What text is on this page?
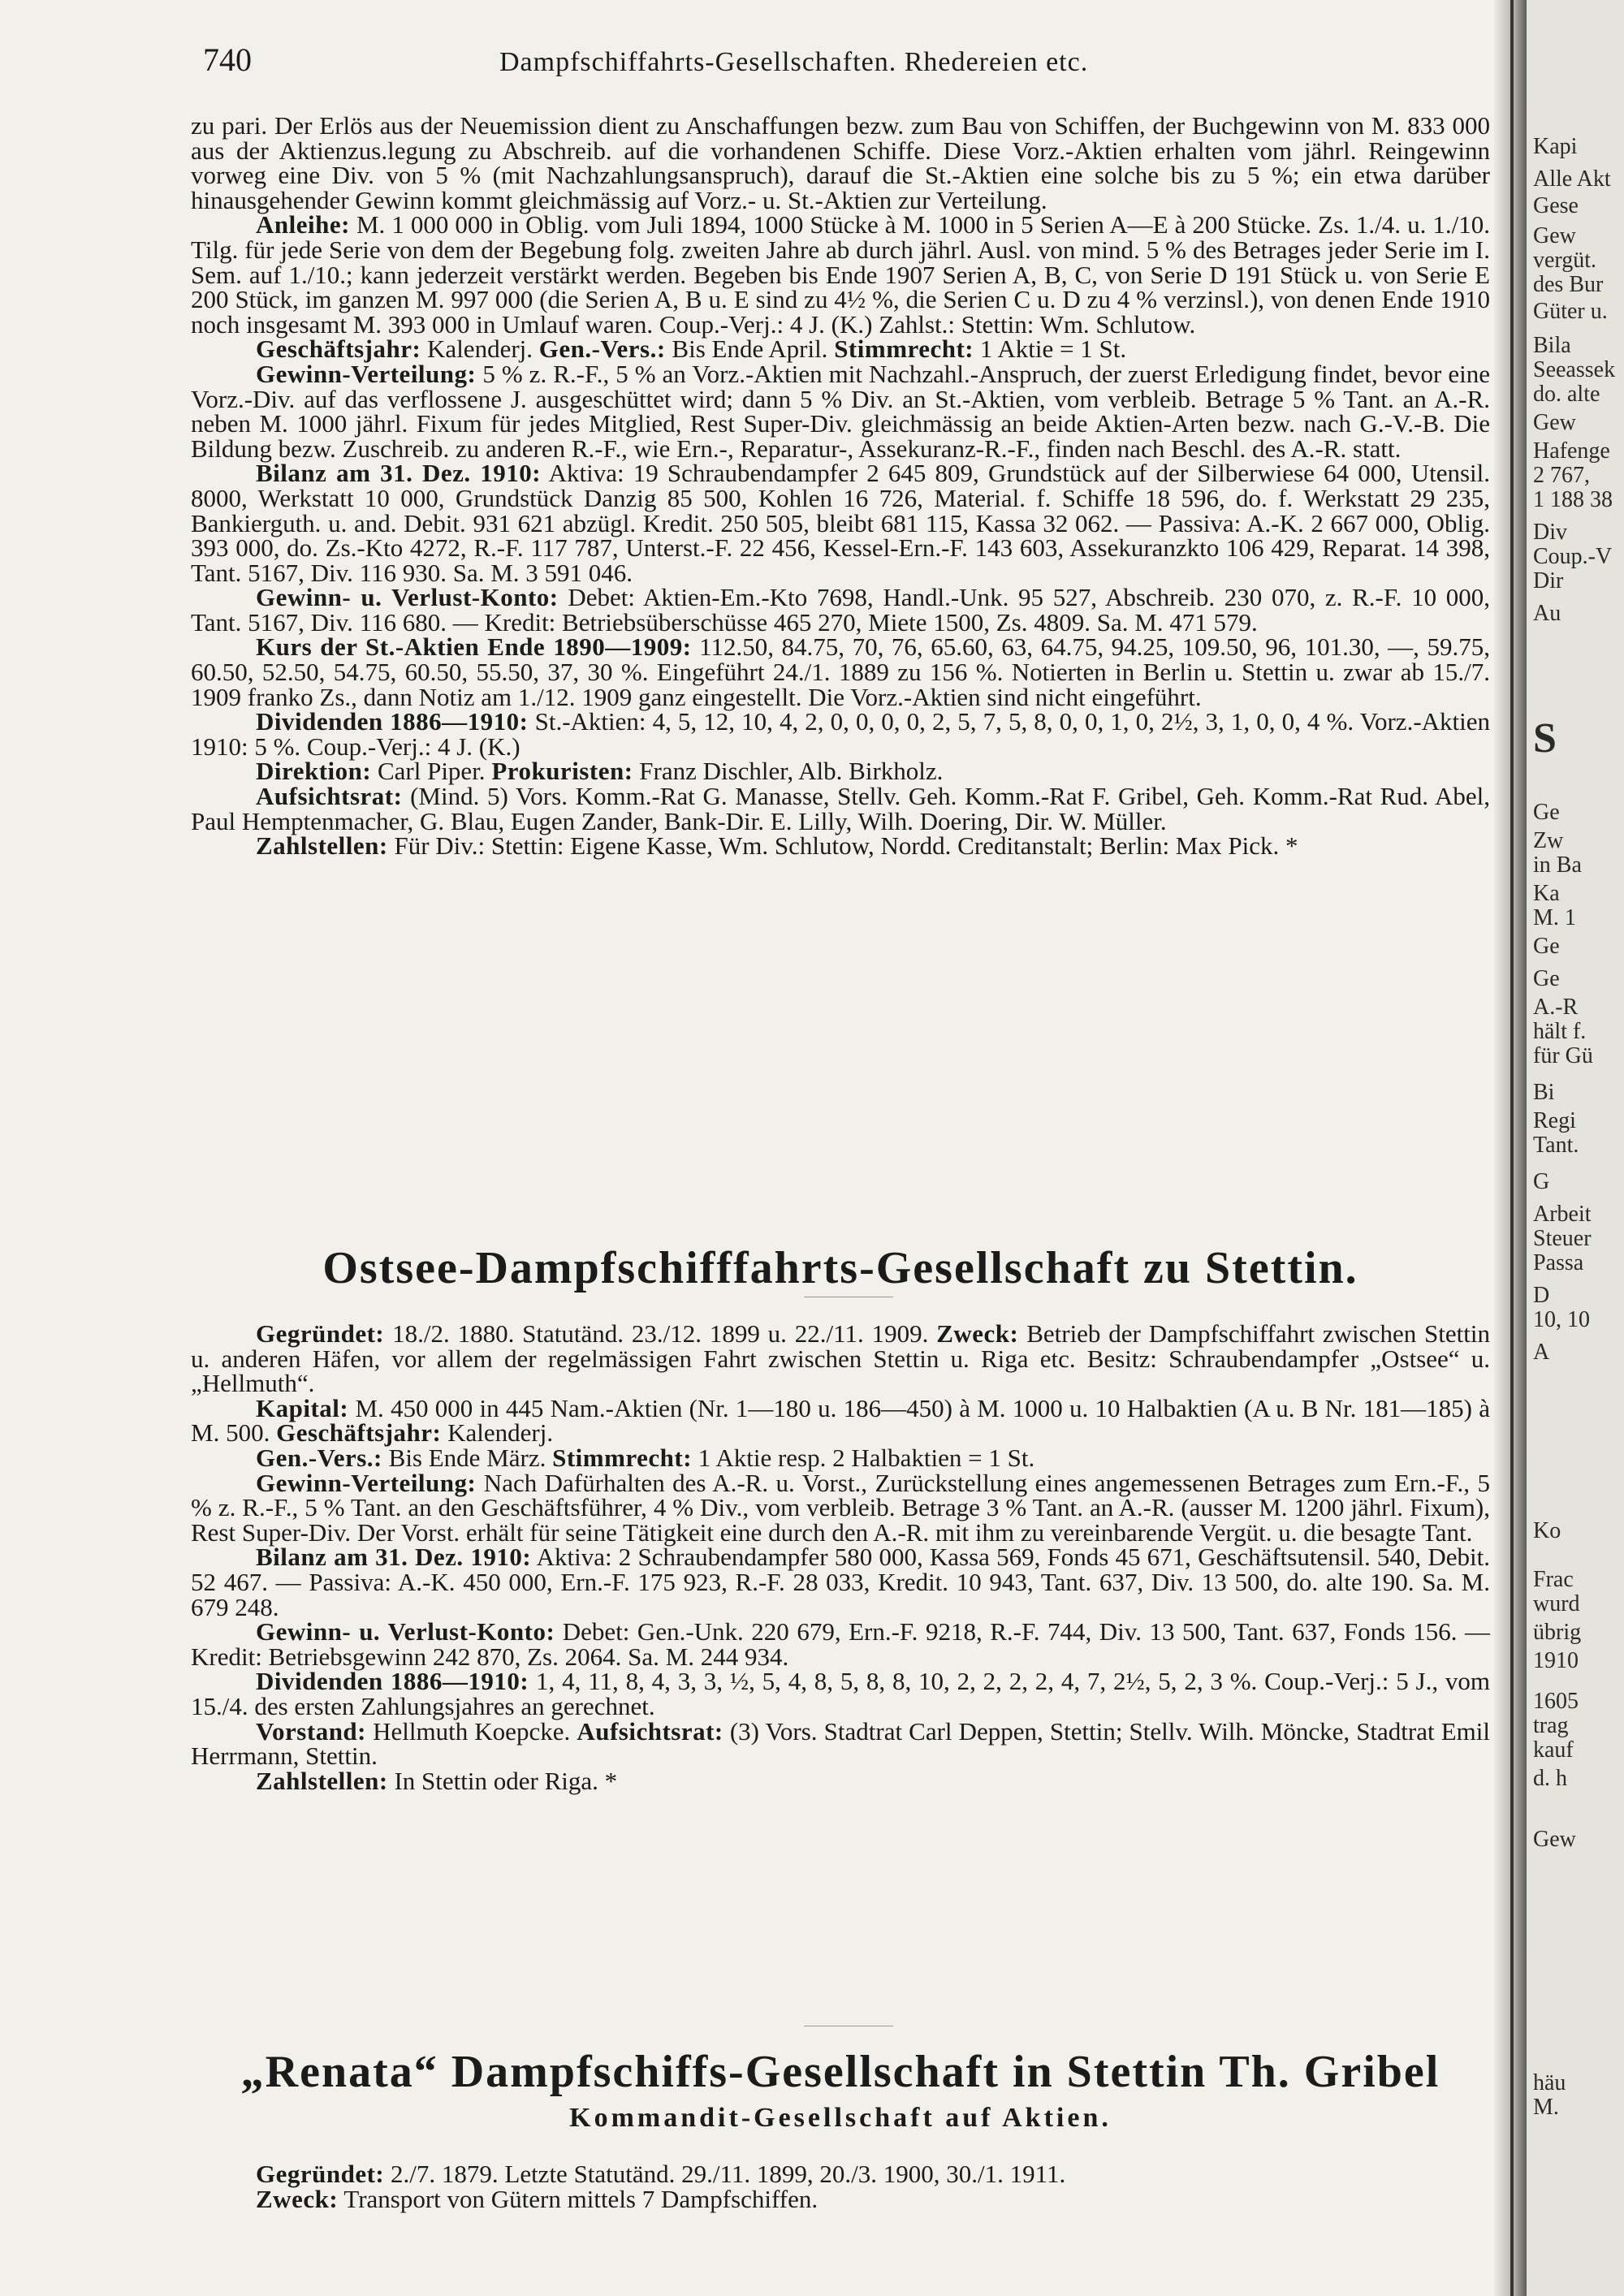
740	Dampfschiffahrts-Gesellschaften. Rhedereien etc.

zu pari. Der Erlös aus der Neuemission dient zu Anschaffungen bezw. zum Bau von Schiffen, der Buchgewinn von M. 833 000 aus der Aktienzus.legung zu Abschreib. auf die vorhandenen Schiffe. Diese Vorz.-Aktien erhalten vom jährl. Reingewinn vorweg eine Div. von 5 % (mit Nachzahlungsanspruch), darauf die St.-Aktien eine solche bis zu 5 %; ein etwa darüber hinausgehender Gewinn kommt gleichmässig auf Vorz.- u. St.-Aktien zur Verteilung.

Anleihe: M. 1 000 000 in Oblig. vom Juli 1894, 1000 Stücke à M. 1000 in 5 Serien A—E à 200 Stücke. Zs. 1./4. u. 1./10. Tilg. für jede Serie von dem der Begebung folg. zweiten Jahre ab durch jährl. Ausl. von mind. 5 % des Betrages jeder Serie im I. Sem. auf 1./10.; kann jederzeit verstärkt werden. Begeben bis Ende 1907 Serien A, B, C, von Serie D 191 Stück u. von Serie E 200 Stück, im ganzen M. 997 000 (die Serien A, B u. E sind zu 4½ %, die Serien C u. D zu 4 % verzinsl.), von denen Ende 1910 noch insgesamt M. 393 000 in Umlauf waren. Coup.-Verj.: 4 J. (K.) Zahlst.: Stettin: Wm. Schlutow.

Geschäftsjahr: Kalenderj. Gen.-Vers.: Bis Ende April. Stimmrecht: 1 Aktie = 1 St.

Gewinn-Verteilung: 5 % z. R.-F., 5 % an Vorz.-Aktien mit Nachzahl.-Anspruch, der zuerst Erledigung findet, bevor eine Vorz.-Div. auf das verflossene J. ausgeschüttet wird; dann 5 % Div. an St.-Aktien, vom verbleib. Betrage 5 % Tant. an A.-R. neben M. 1000 jährl. Fixum für jedes Mitglied, Rest Super-Div. gleichmässig an beide Aktien-Arten bezw. nach G.-V.-B. Die Bildung bezw. Zuschreib. zu anderen R.-F., wie Ern.-, Reparatur-, Assekuranz-R.-F., finden nach Beschl. des A.-R. statt.

Bilanz am 31. Dez. 1910: Aktiva: 19 Schraubendampfer 2 645 809, Grundstück auf der Silberwiese 64 000, Utensil. 8000, Werkstatt 10 000, Grundstück Danzig 85 500, Kohlen 16 726, Material. f. Schiffe 18 596, do. f. Werkstatt 29 235, Bankierguth. u. and. Debit. 931 621 abzügl. Kredit. 250 505, bleibt 681 115, Kassa 32 062. — Passiva: A.-K. 2 667 000, Oblig. 393 000, do. Zs.-Kto 4272, R.-F. 117 787, Unterst.-F. 22 456, Kessel-Ern.-F. 143 603, Assekuranzkto 106 429, Reparat. 14 398, Tant. 5167, Div. 116 930. Sa. M. 3 591 046.

Gewinn- u. Verlust-Konto: Debet: Aktien-Em.-Kto 7698, Handl.-Unk. 95 527, Abschreib. 230 070, z. R.-F. 10 000, Tant. 5167, Div. 116 680. — Kredit: Betriebsüberschüsse 465 270, Miete 1500, Zs. 4809. Sa. M. 471 579.

Kurs der St.-Aktien Ende 1890—1909: 112.50, 84.75, 70, 76, 65.60, 63, 64.75, 94.25, 109.50, 96, 101.30, —, 59.75, 60.50, 52.50, 54.75, 60.50, 55.50, 37, 30 %. Eingeführt 24./1. 1889 zu 156 %. Notierten in Berlin u. Stettin u. zwar ab 15./7. 1909 franko Zs., dann Notiz am 1./12. 1909 ganz eingestellt. Die Vorz.-Aktien sind nicht eingeführt.

Dividenden 1886—1910: St.-Aktien: 4, 5, 12, 10, 4, 2, 0, 0, 0, 0, 2, 5, 7, 5, 8, 0, 0, 1, 0, 2½, 3, 1, 0, 0, 4 %. Vorz.-Aktien 1910: 5 %. Coup.-Verj.: 4 J. (K.)

Direktion: Carl Piper. Prokuristen: Franz Dischler, Alb. Birkholz.

Aufsichtsrat: (Mind. 5) Vors. Komm.-Rat G. Manasse, Stellv. Geh. Komm.-Rat F. Gribel, Geh. Komm.-Rat Rud. Abel, Paul Hemptenmacher, G. Blau, Eugen Zander, Bank-Dir. E. Lilly, Wilh. Doering, Dir. W. Müller.

Zahlstellen: Für Div.: Stettin: Eigene Kasse, Wm. Schlutow, Nordd. Creditanstalt; Berlin: Max Pick. *

Ostsee-Dampfschifffahrts-Gesellschaft zu Stettin.

Gegründet: 18./2. 1880. Statutänd. 23./12. 1899 u. 22./11. 1909. Zweck: Betrieb der Dampfschiffahrt zwischen Stettin u. anderen Häfen, vor allem der regelmässigen Fahrt zwischen Stettin u. Riga etc. Besitz: Schraubendampfer „Ostsee“ u. „Hellmuth“.

Kapital: M. 450 000 in 445 Nam.-Aktien (Nr. 1—180 u. 186—450) à M. 1000 u. 10 Halbaktien (A u. B Nr. 181—185) à M. 500. Geschäftsjahr: Kalenderj.

Gen.-Vers.: Bis Ende März. Stimmrecht: 1 Aktie resp. 2 Halbaktien = 1 St.

Gewinn-Verteilung: Nach Dafürhalten des A.-R. u. Vorst., Zurückstellung eines angemessenen Betrages zum Ern.-F., 5 % z. R.-F., 5 % Tant. an den Geschäftsführer, 4 % Div., vom verbleib. Betrage 3 % Tant. an A.-R. (ausser M. 1200 jährl. Fixum), Rest Super-Div. Der Vorst. erhält für seine Tätigkeit eine durch den A.-R. mit ihm zu vereinbarende Vergüt. u. die besagte Tant.

Bilanz am 31. Dez. 1910: Aktiva: 2 Schraubendampfer 580 000, Kassa 569, Fonds 45 671, Geschäftsutensil. 540, Debit. 52 467. — Passiva: A.-K. 450 000, Ern.-F. 175 923, R.-F. 28 033, Kredit. 10 943, Tant. 637, Div. 13 500, do. alte 190. Sa. M. 679 248.

Gewinn- u. Verlust-Konto: Debet: Gen.-Unk. 220 679, Ern.-F. 9218, R.-F. 744, Div. 13 500, Tant. 637, Fonds 156. — Kredit: Betriebsgewinn 242 870, Zs. 2064. Sa. M. 244 934.

Dividenden 1886—1910: 1, 4, 11, 8, 4, 3, 3, ½, 5, 4, 8, 5, 8, 8, 10, 2, 2, 2, 2, 4, 7, 2½, 5, 2, 3 %. Coup.-Verj.: 5 J., vom 15./4. des ersten Zahlungsjahres an gerechnet.

Vorstand: Hellmuth Koepcke. Aufsichtsrat: (3) Vors. Stadtrat Carl Deppen, Stettin; Stellv. Wilh. Möncke, Stadtrat Emil Herrmann, Stettin.

Zahlstellen: In Stettin oder Riga. *

„Renata“ Dampfschiffs-Gesellschaft in Stettin Th. Gribel
Kommandit-Gesellschaft auf Aktien.

Gegründet: 2./7. 1879. Letzte Statutänd. 29./11. 1899, 20./3. 1900, 30./1. 1911.

Zweck: Transport von Gütern mittels 7 Dampfschiffen.

Kapi
Alle Akt
Gese
Gew
vergüt.
des Bur
Güter u.
Bila
Seeassek
do. alte
Gew
Hafenge
2 767,
1 188 38
Div
Coup.-V
Dir
Au
S
Ge
Zw
in Ba
Ka
M. 1
Ge
Ge
A.-R
hält f.
für Gü
Bi
Regi
Tant.
G
Arbeit
Steuer
Passa
D
10, 10
A
Ko
Frac
wurd
übrig
1910
1605
trag
kauf
d. h
Gew
häu
M.
